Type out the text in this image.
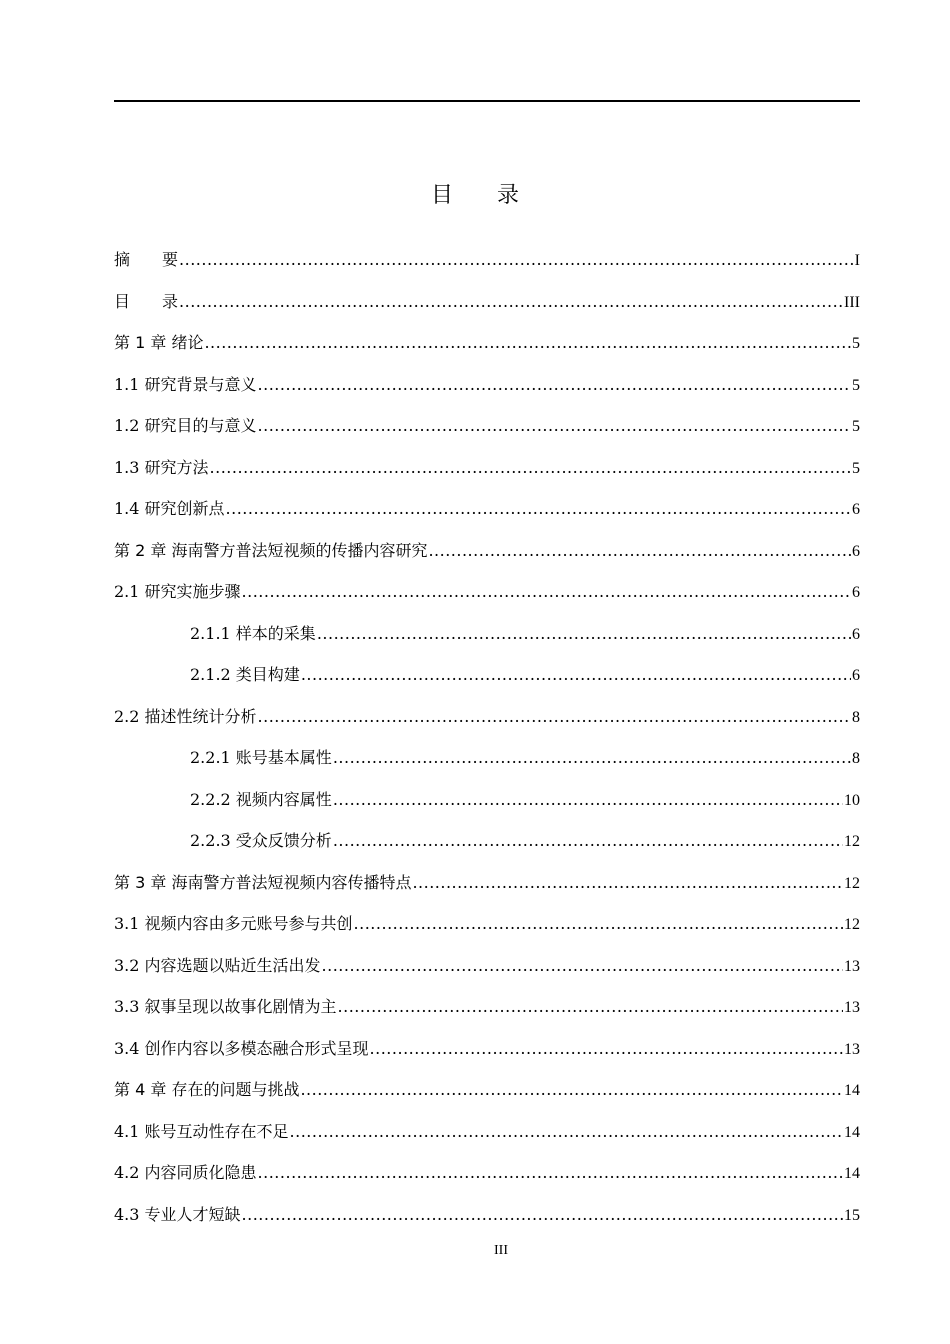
目　　录
摘　　要 .....	I
目　　录 .....	III
第 1 章 绪论 .....	5
1.1 研究背景与意义 .....	5
1.2 研究目的与意义 .....	5
1.3 研究方法 .....	5
1.4 研究创新点 .....	6
第 2 章 海南警方普法短视频的传播内容研究 .....	6
2.1 研究实施步骤 .....	6
2.1.1 样本的采集 .....	6
2.1.2 类目构建 .....	6
2.2 描述性统计分析 .....	8
2.2.1 账号基本属性 .....	8
2.2.2 视频内容属性 .....	10
2.2.3 受众反馈分析 .....	12
第 3 章 海南警方普法短视频内容传播特点 .....	12
3.1 视频内容由多元账号参与共创 .....	12
3.2 内容选题以贴近生活出发 .....	13
3.3 叙事呈现以故事化剧情为主 .....	13
3.4 创作内容以多模态融合形式呈现 .....	13
第 4 章 存在的问题与挑战 .....	14
4.1 账号互动性存在不足 .....	14
4.2 内容同质化隐患 .....	14
4.3 专业人才短缺 .....	15
III
